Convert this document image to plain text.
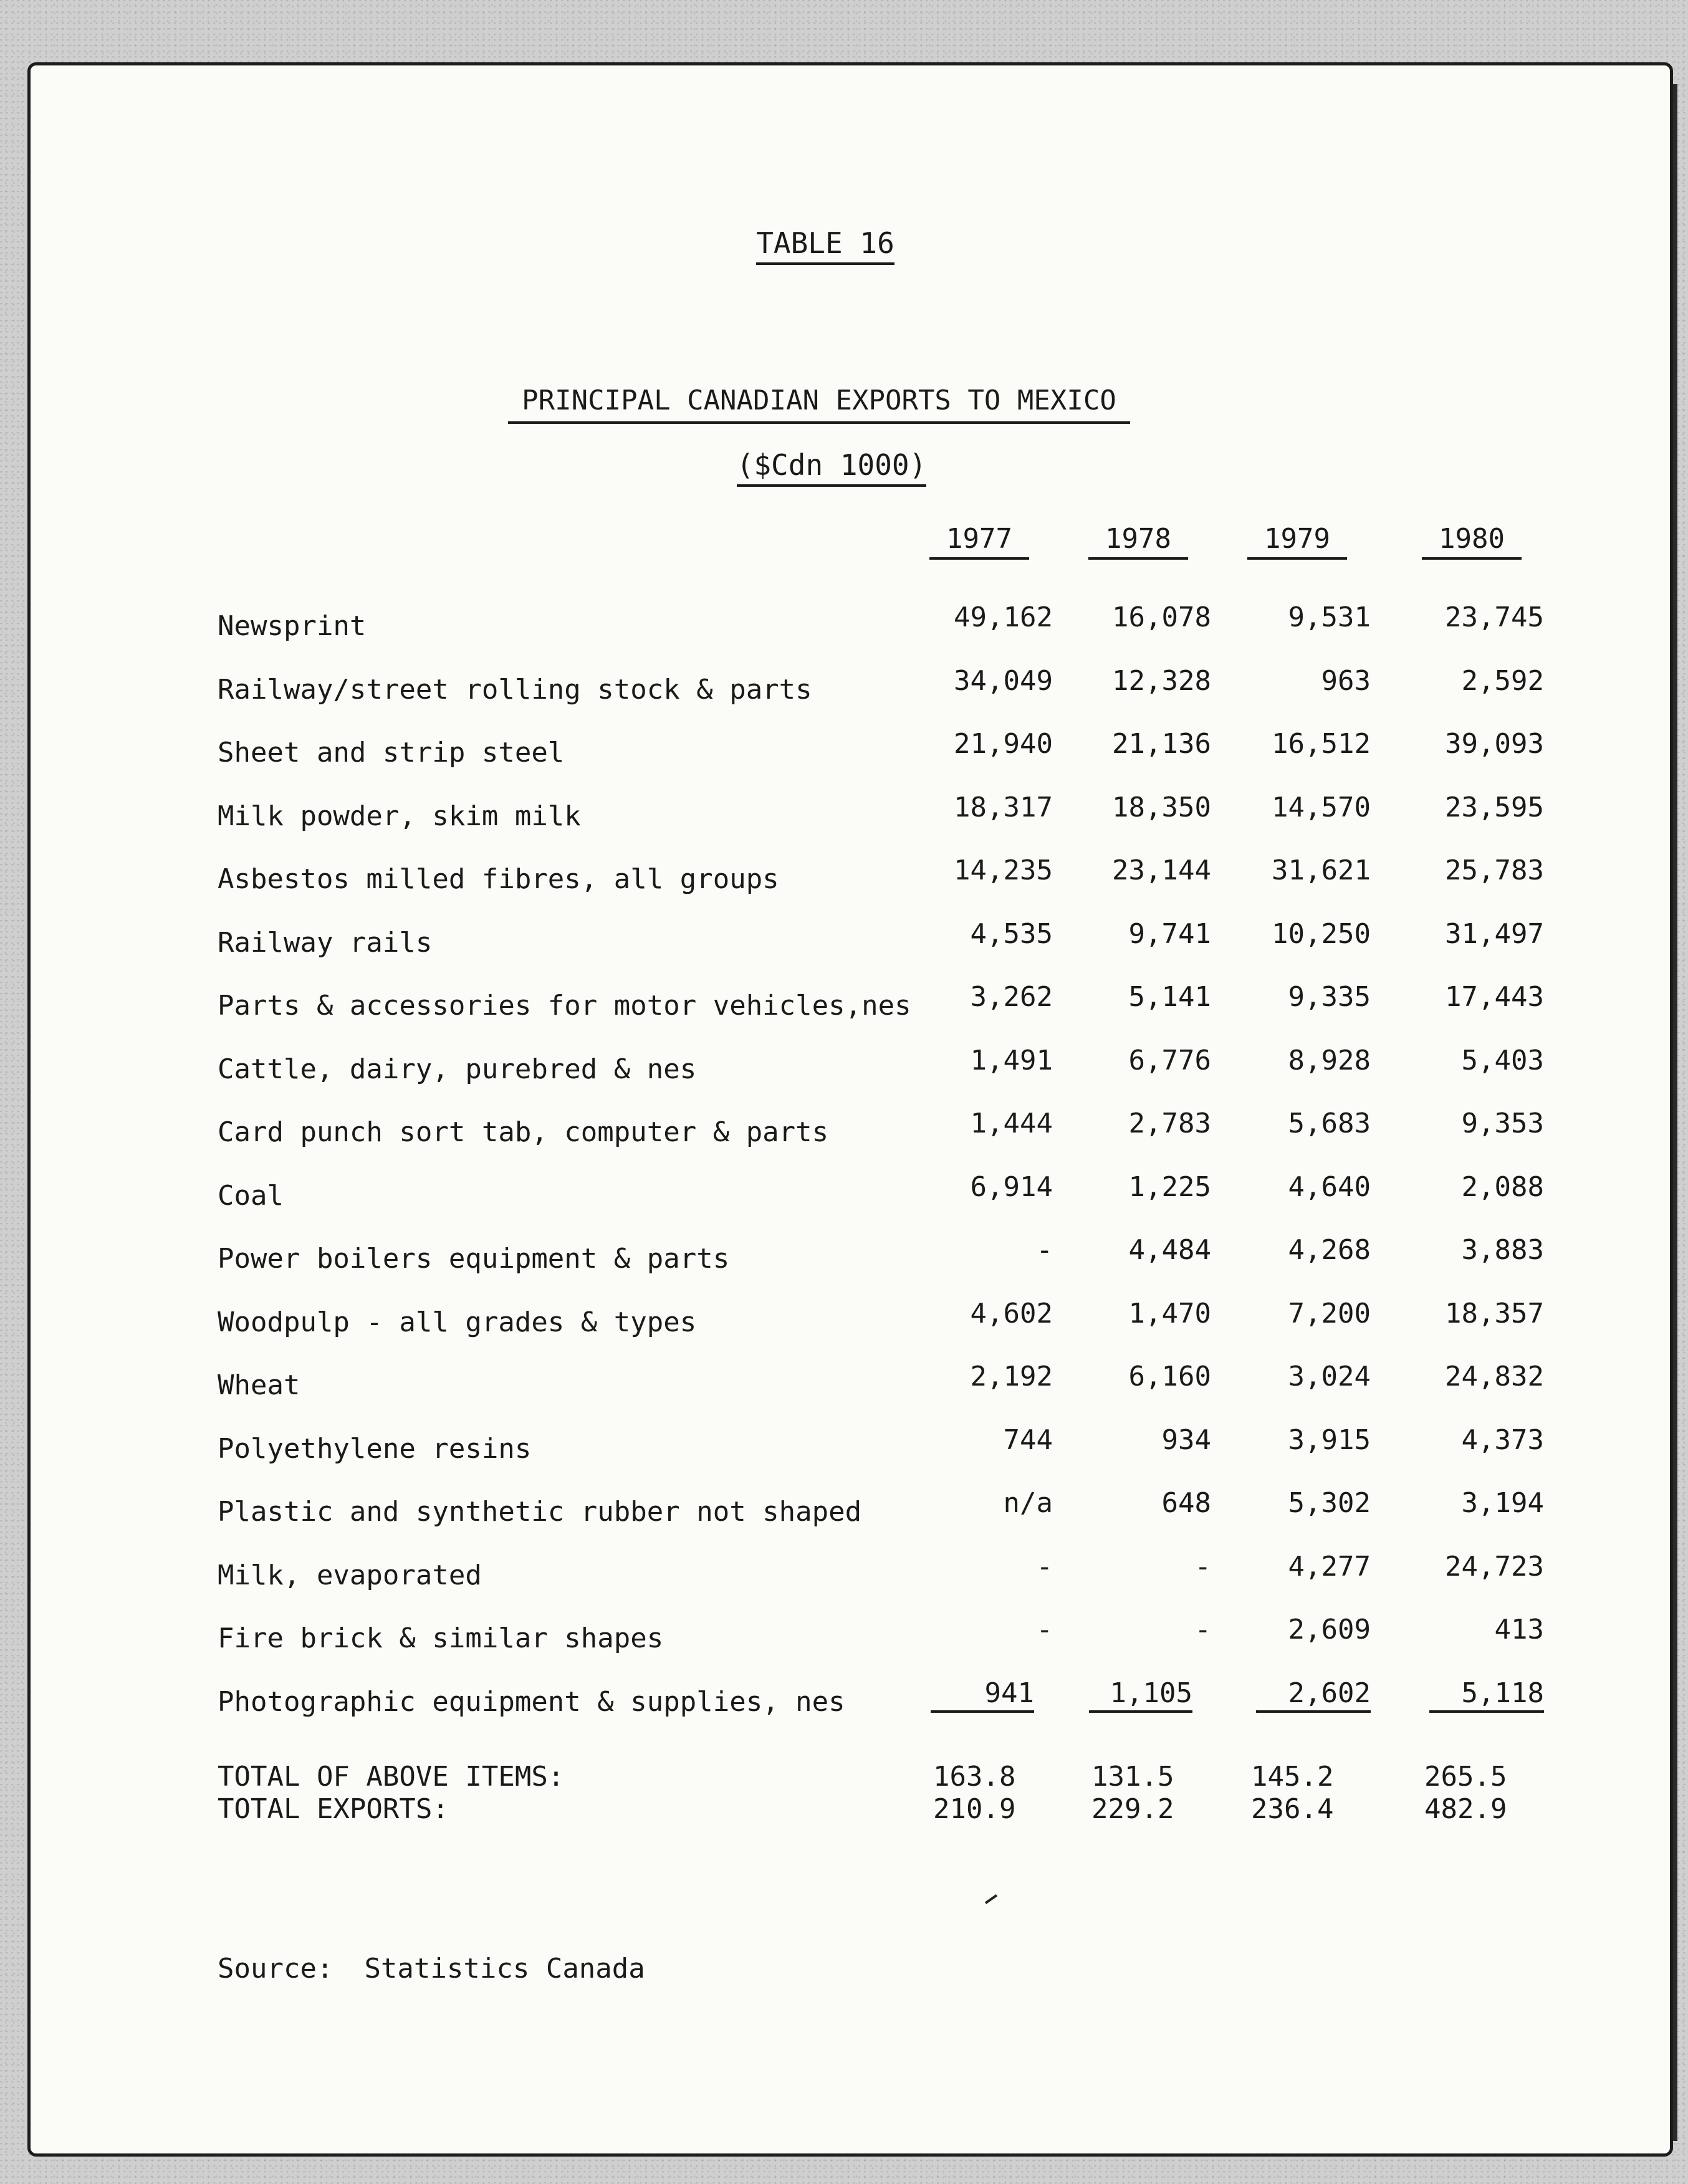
TABLE 16
PRINCIPAL CANADIAN EXPORTS TO MEXICO
($Cdn 1000)
1977	1978	1979	1980
Newsprint	49,162	16,078	9,531	23,745
Railway/street rolling stock & parts	34,049	12,328	963	2,592
Sheet and strip steel	21,940	21,136	16,512	39,093
Milk powder, skim milk	18,317	18,350	14,570	23,595
Asbestos milled fibres, all groups	14,235	23,144	31,621	25,783
Railway rails	4,535	9,741	10,250	31,497
Parts & accessories for motor vehicles,nes	3,262	5,141	9,335	17,443
Cattle, dairy, purebred & nes	1,491	6,776	8,928	5,403
Card punch sort tab, computer & parts	1,444	2,783	5,683	9,353
Coal	6,914	1,225	4,640	2,088
Power boilers equipment & parts	-	4,484	4,268	3,883
Woodpulp - all grades & types	4,602	1,470	7,200	18,357
Wheat	2,192	6,160	3,024	24,832
Polyethylene resins	744	934	3,915	4,373
Plastic and synthetic rubber not shaped	n/a	648	5,302	3,194
Milk, evaporated	-	-	4,277	24,723
Fire brick & similar shapes	-	-	2,609	413
Photographic equipment & supplies, nes	941	1,105	2,602	5,118
TOTAL OF ABOVE ITEMS:	163.8	131.5	145.2	265.5
TOTAL EXPORTS:	210.9	229.2	236.4	482.9
Source: Statistics Canada
